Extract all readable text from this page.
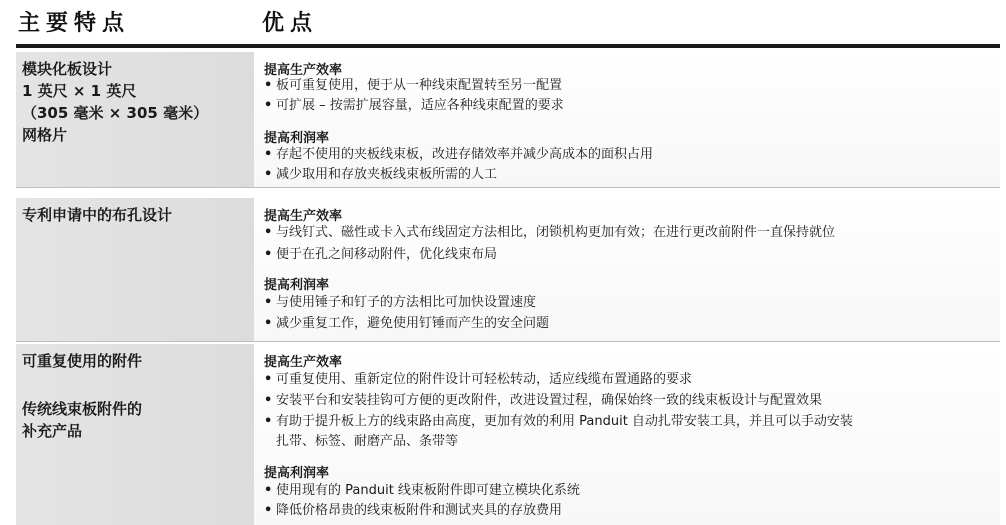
主要特点	优点
模块化板设计
1 英尺 × 1 英尺
（305 毫米 × 305 毫米）
网格片
提高生产效率
• 板可重复使用，便于从一种线束配置转至另一配置
• 可扩展 – 按需扩展容量，适应各种线束配置的要求
提高利润率
• 存起不使用的夹板线束板，改进存储效率并减少高成本的面积占用
• 减少取用和存放夹板线束板所需的人工
专利申请中的布孔设计	提高生产效率
• 与线钉式、磁性或卡入式布线固定方法相比，闭锁机构更加有效；在进行更改前附件一直保持就位
• 便于在孔之间移动附件，优化线束布局
提高利润率
• 与使用锤子和钉子的方法相比可加快设置速度
• 减少重复工作，避免使用钉锤而产生的安全问题
可重复使用的附件
传统线束板附件的
补充产品
提高生产效率
• 可重复使用、重新定位的附件设计可轻松转动，适应线缆布置通路的要求
• 安装平台和安装挂钩可方便的更改附件，改进设置过程，确保始终一致的线束板设计与配置效果
• 有助于提升板上方的线束路由高度，更加有效的利用 Panduit 自动扎带安装工具，并且可以手动安装
扎带、标签、耐磨产品、条带等
提高利润率
• 使用现有的 Panduit 线束板附件即可建立模块化系统
• 降低价格昂贵的线束板附件和测试夹具的存放费用
